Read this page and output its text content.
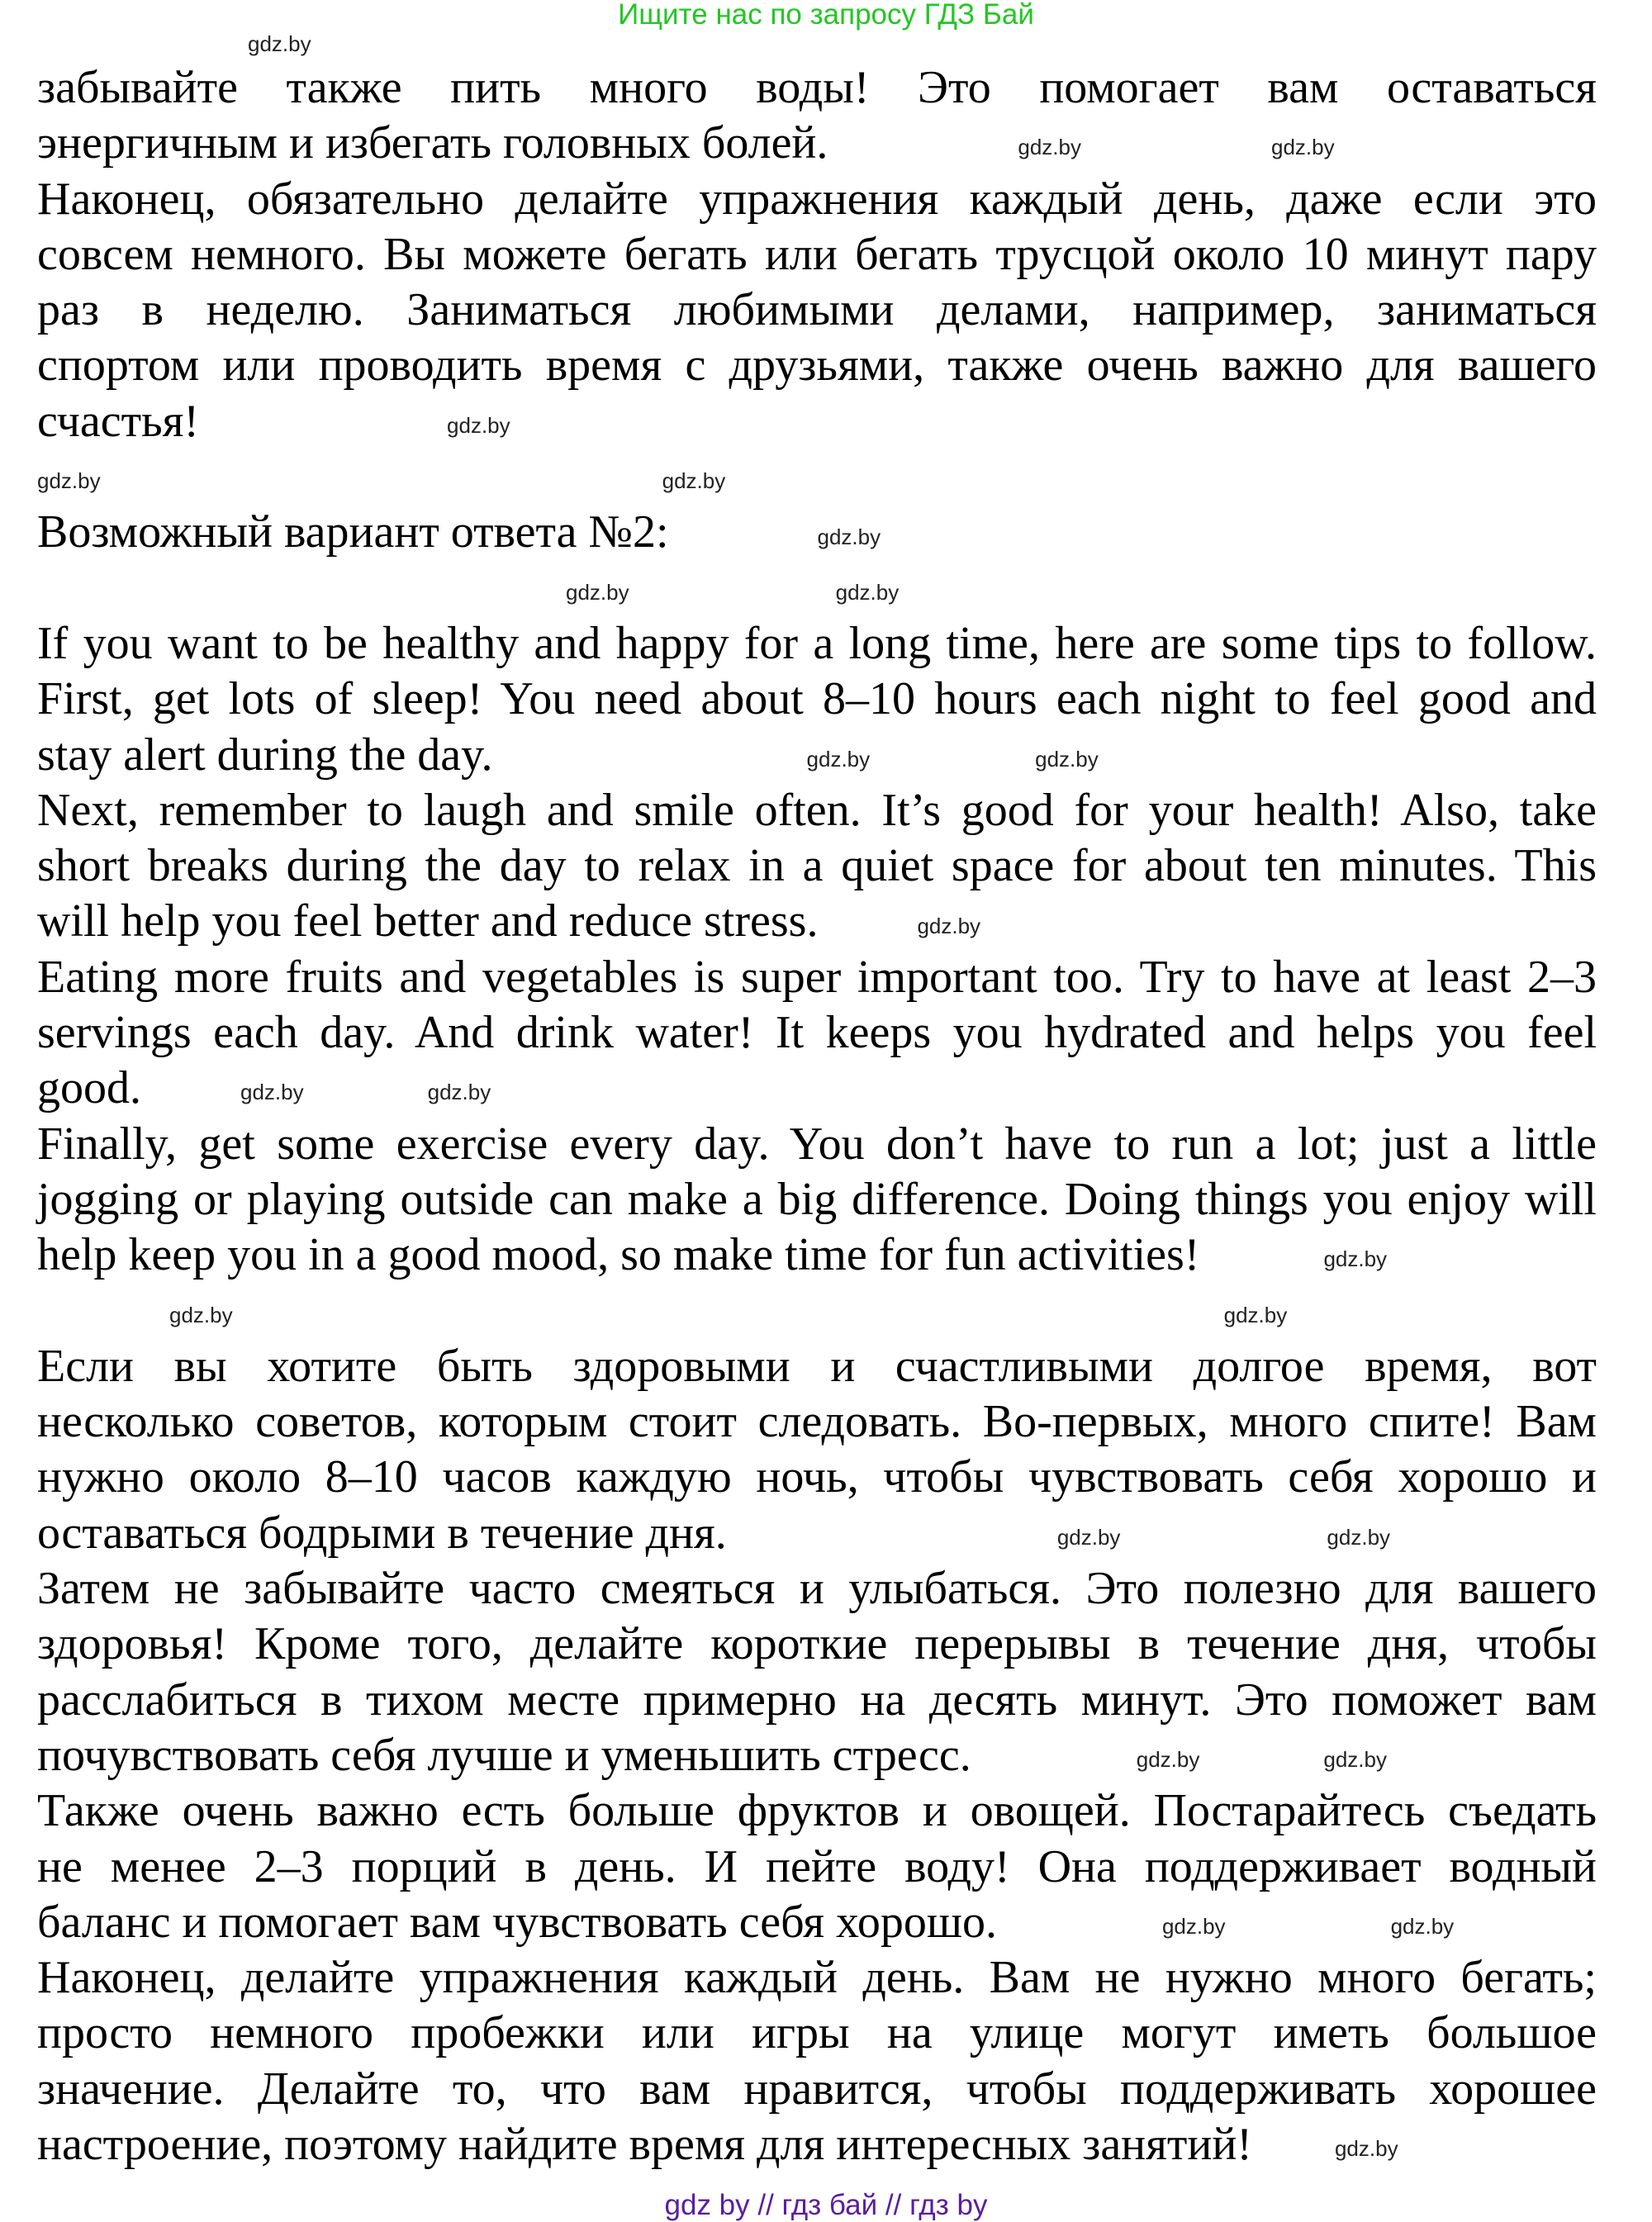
Ищите нас по запросу ГДЗ Бай
gdz.by
забывайте также пить много воды! Это помогает вам оставаться
энергичным и избегать головных болей.	gdz.by	gdz.by
Наконец, обязательно делайте упражнения каждый день, даже если это
совсем немного. Вы можете бегать или бегать трусцой около 10 минут пару
раз в неделю. Заниматься любимыми делами, например, заниматься
спортом или проводить время с друзьями, также очень важно для вашего
счастья!	gdz.by
gdz.by	gdz.by
Возможный вариант ответа №2:	gdz.by
gdz.by	gdz.by
If you want to be healthy and happy for a long time, here are some tips to follow.
First, get lots of sleep! You need about 8–10 hours each night to feel good and
stay alert during the day.	gdz.by	gdz.by
Next, remember to laugh and smile often. It’s good for your health! Also, take
short breaks during the day to relax in a quiet space for about ten minutes. This
will help you feel better and reduce stress.	gdz.by
Eating more fruits and vegetables is super important too. Try to have at least 2–3
servings each day. And drink water! It keeps you hydrated and helps you feel
good.	gdz.by	gdz.by
Finally, get some exercise every day. You don’t have to run a lot; just a little
jogging or playing outside can make a big difference. Doing things you enjoy will
help keep you in a good mood, so make time for fun activities!	gdz.by
gdz.by	gdz.by
Если вы хотите быть здоровыми и счастливыми долгое время, вот
несколько советов, которым стоит следовать. Во-первых, много спите! Вам
нужно около 8–10 часов каждую ночь, чтобы чувствовать себя хорошо и
оставаться бодрыми в течение дня.	gdz.by	gdz.by
Затем не забывайте часто смеяться и улыбаться. Это полезно для вашего
здоровья! Кроме того, делайте короткие перерывы в течение дня, чтобы
расслабиться в тихом месте примерно на десять минут. Это поможет вам
почувствовать себя лучше и уменьшить стресс.	gdz.by	gdz.by
Также очень важно есть больше фруктов и овощей. Постарайтесь съедать
не менее 2–3 порций в день. И пейте воду! Она поддерживает водный
баланс и помогает вам чувствовать себя хорошо.	gdz.by	gdz.by
Наконец, делайте упражнения каждый день. Вам не нужно много бегать;
просто немного пробежки или игры на улице могут иметь большое
значение. Делайте то, что вам нравится, чтобы поддерживать хорошее
настроение, поэтому найдите время для интересных занятий!	gdz.by
gdz by // гдз бай // гдз by
